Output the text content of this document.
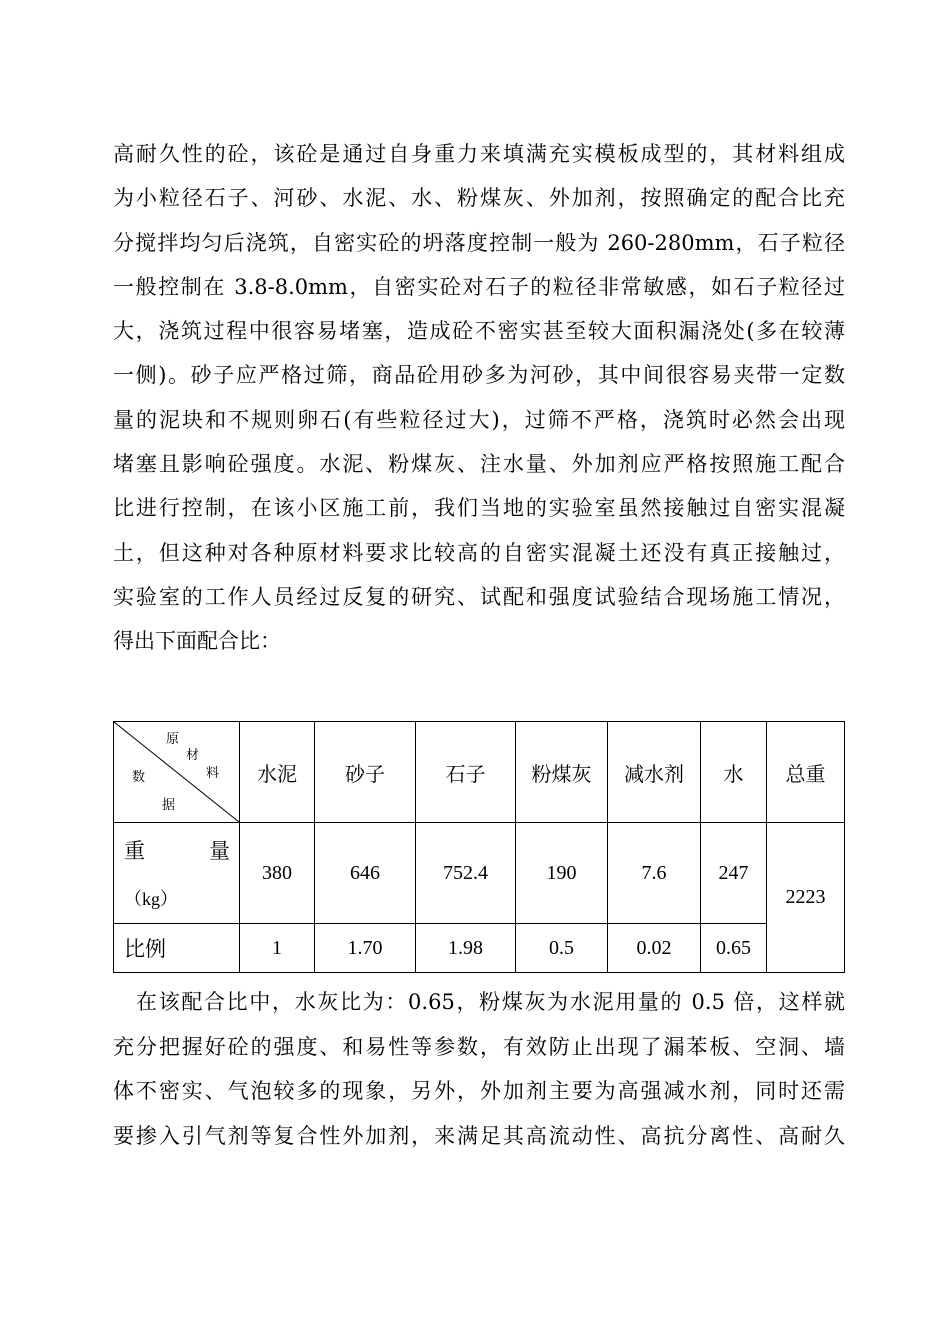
高耐久性的砼，该砼是通过自身重力来填满充实模板成型的，其材料组成
为小粒径石子、河砂、水泥、水、粉煤灰、外加剂，按照确定的配合比充
分搅拌均匀后浇筑，自密实砼的坍落度控制一般为 260-280mm，石子粒径
一般控制在 3.8-8.0mm，自密实砼对石子的粒径非常敏感，如石子粒径过
大，浇筑过程中很容易堵塞，造成砼不密实甚至较大面积漏浇处(多在较薄
一侧)。砂子应严格过筛，商品砼用砂多为河砂，其中间很容易夹带一定数
量的泥块和不规则卵石(有些粒径过大)，过筛不严格，浇筑时必然会出现
堵塞且影响砼强度。水泥、粉煤灰、注水量、外加剂应严格按照施工配合
比进行控制，在该小区施工前，我们当地的实验室虽然接触过自密实混凝
土，但这种对各种原材料要求比较高的自密实混凝土还没有真正接触过，
实验室的工作人员经过反复的研究、试配和强度试验结合现场施工情况，
得出下面配合比：
原
材
料
数
据	水泥	砂子	石子	粉煤灰	减水剂	水	总重

重 量
（kg）	380	646	752.4	190	7.6	247	2223
比例	1	1.70	1.98	0.5	0.02	0.65	
在该配合比中，水灰比为：0.65，粉煤灰为水泥用量的 0.5 倍，这样就
充分把握好砼的强度、和易性等参数，有效防止出现了漏苯板、空洞、墙
体不密实、气泡较多的现象，另外，外加剂主要为高强减水剂，同时还需
要掺入引气剂等复合性外加剂，来满足其高流动性、高抗分离性、高耐久
